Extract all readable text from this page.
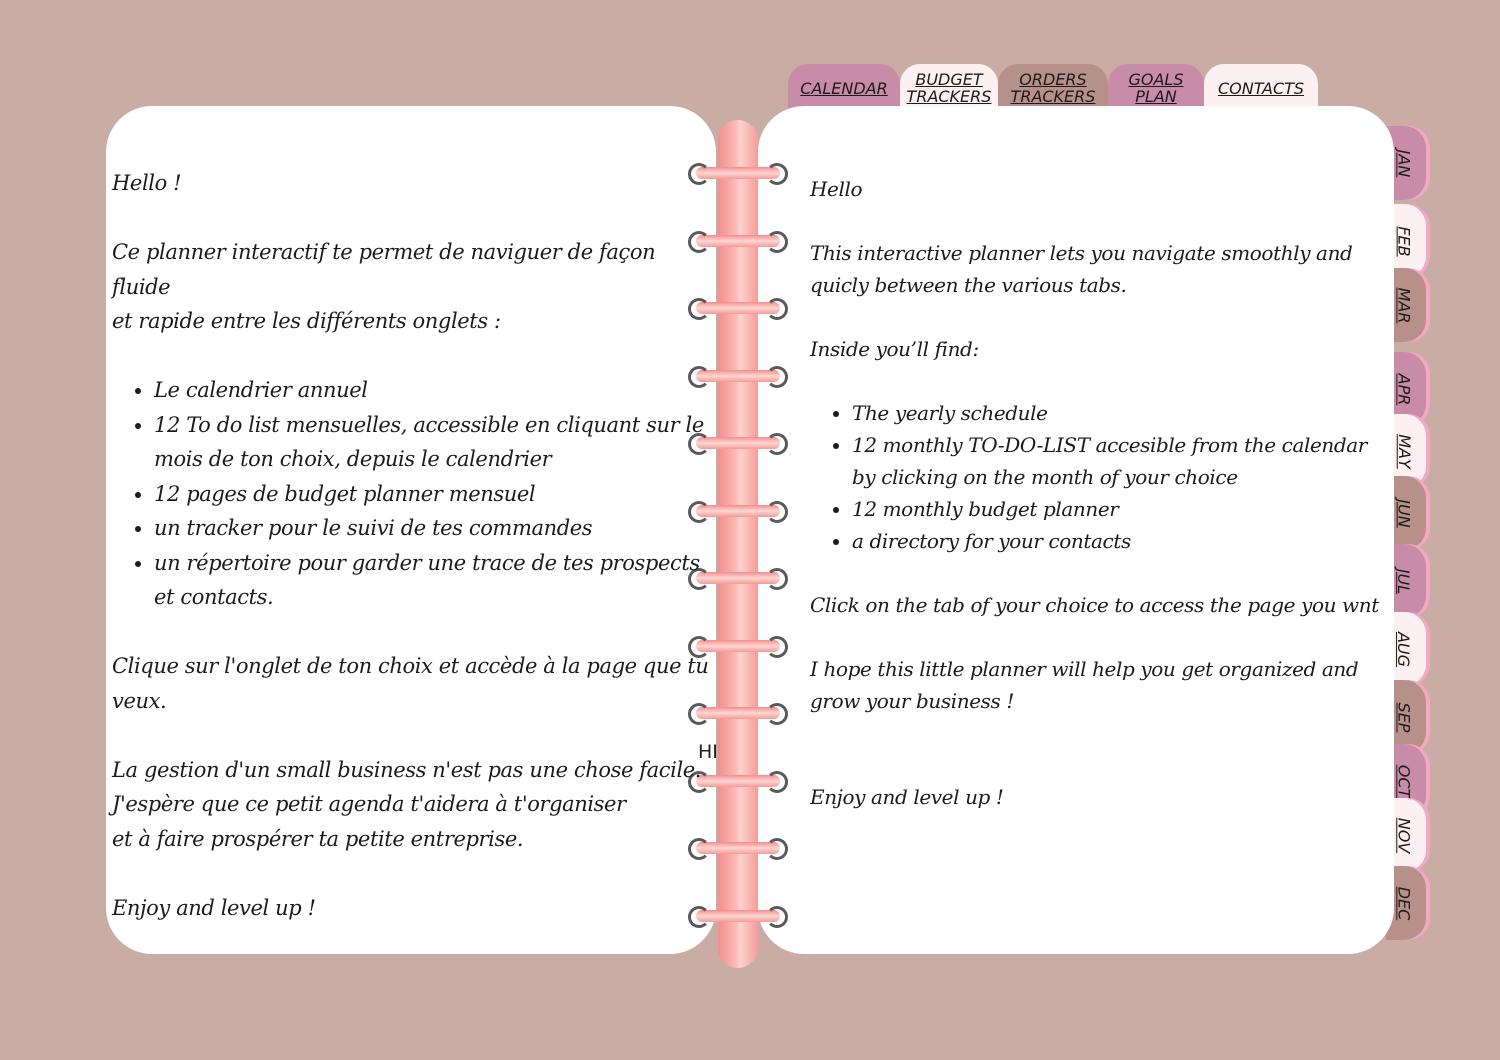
CALENDAR	BUDGET
TRACKERS
ORDERS
TRACKERS
GOALS
PLAN	CONTACTS
JAN
FEB
MAR
APR
MAY
JUN
JUL
AUG
SEP
OCT
NOV
DEC
HI

Hello !

Ce planner interactif te permet de naviguer de façon fluide

et rapide entre les différents onglets :

• Le calendrier annuel
• 12 To do list mensuelles, accessible en cliquant sur le mois de ton choix, depuis le calendrier
• 12 pages de budget planner mensuel
• un tracker pour le suivi de tes commandes
• un répertoire pour garder une trace de tes prospects et contacts.

Clique sur l'onglet de ton choix et accède à la page que tu veux.

La gestion d'un small business n'est pas une chose facile.

J'espère que ce petit agenda t'aidera à t'organiser

et à faire prospérer ta petite entreprise.

Enjoy and level up !

Hello

This interactive planner lets you navigate smoothly and quicly between the various tabs.

Inside you’ll find:

• The yearly schedule
• 12 monthly TO-DO-LIST accesible from the calendar by clicking on the month of your choice
• 12 monthly budget planner
• a directory for your contacts

Click on the tab of your choice to access the page you wnt

I hope this little planner will help you get organized and grow your business !

Enjoy and level up !
